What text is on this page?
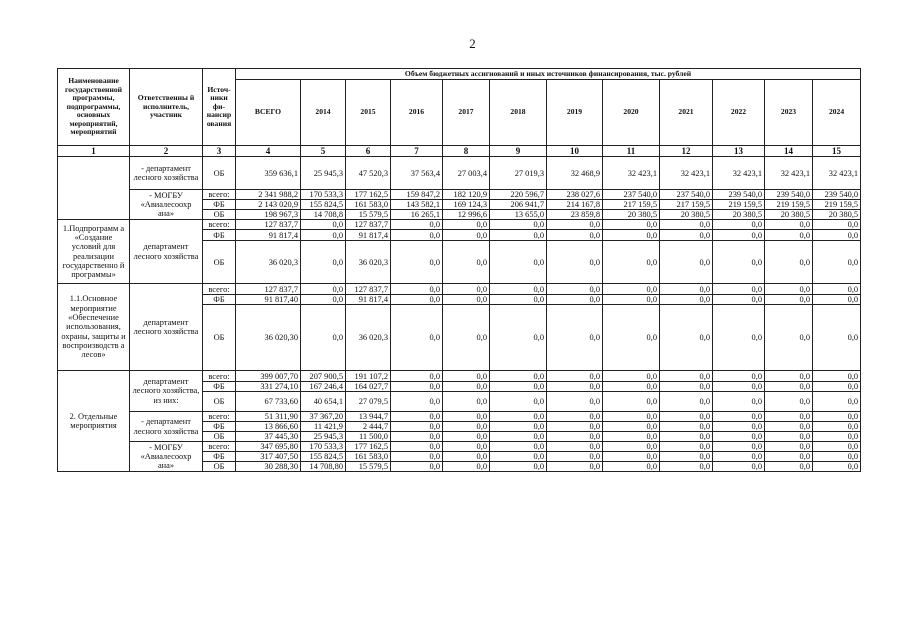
2
Наименование государственной программы, подпрограммы, основных мероприятий, мероприятий	Ответственны й исполнитель, участник	Источ-ники фи-нансир ования	Объем бюджетных ассигнований и иных источников финансирования, тыс. рублей											
			ВСЕГО	2014	2015	2016	2017	2018	2019	2020	2021	2022	2023	2024
1	2	3	4	5	6	7	8	9	10	11	12	13	14	15
	- департамент лесного хозяйства	ОБ	359 636,1	25 945,3	47 520,3	37 563,4	27 003,4	27 019,3	32 468,9	32 423,1	32 423,1	32 423,1	32 423,1	32 423,1
	- МОГБУ «Авиалесоохр ана»	всего:	2 341 988,2	170 533,3	177 162,5	159 847,2	182 120,9	220 596,7	238 027,6	237 540,0	237 540,0	239 540,0	239 540,0	239 540,0
		ФБ	2 143 020,9	155 824,5	161 583,0	143 582,1	169 124,3	206 941,7	214 167,8	217 159,5	217 159,5	219 159,5	219 159,5	219 159,5
		ОБ	198 967,3	14 708,8	15 579,5	16 265,1	12 996,6	13 655,0	23 859,8	20 380,5	20 380,5	20 380,5	20 380,5	20 380,5
1.Подпрограмм а «Создание условий для реализации государственно й программы»	департамент лесного хозяйства	всего:	127 837,7	0,0	127 837,7	0,0	0,0	0,0	0,0	0,0	0,0	0,0	0,0	0,0
		ФБ	91 817,4	0,0	91 817,4	0,0	0,0	0,0	0,0	0,0	0,0	0,0	0,0	0,0
		ОБ	36 020,3	0,0	36 020,3	0,0	0,0	0,0	0,0	0,0	0,0	0,0	0,0	0,0
1.1.Основное мероприятие «Обеспечение использования, охраны, защиты и воспроизводств а лесов»	департамент лесного хозяйства	всего:	127 837,7	0,0	127 837,7	0,0	0,0	0,0	0,0	0,0	0,0	0,0	0,0	0,0
		ФБ	91 817,40	0,0	91 817,4	0,0	0,0	0,0	0,0	0,0	0,0	0,0	0,0	0,0
		ОБ	36 020,30	0,0	36 020,3	0,0	0,0	0,0	0,0	0,0	0,0	0,0	0,0	0,0
2. Отдельные мероприятия	департамент лесного хозяйства, из них:	всего:	399 007,70	207 900,5	191 107,2	0,0	0,0	0,0	0,0	0,0	0,0	0,0	0,0	0,0
		ФБ	331 274,10	167 246,4	164 027,7	0,0	0,0	0,0	0,0	0,0	0,0	0,0	0,0	0,0
		ОБ	67 733,60	40 654,1	27 079,5	0,0	0,0	0,0	0,0	0,0	0,0	0,0	0,0	0,0
	- департамент лесного хозяйства	всего:	51 311,90	37 367,20	13 944,7	0,0	0,0	0,0	0,0	0,0	0,0	0,0	0,0	0,0
		ФБ	13 866,60	11 421,9	2 444,7	0,0	0,0	0,0	0,0	0,0	0,0	0,0	0,0	0,0
		ОБ	37 445,30	25 945,3	11 500,0	0,0	0,0	0,0	0,0	0,0	0,0	0,0	0,0	0,0
	- МОГБУ «Авиалесоохр ана»	всего:	347 695,80	170 533,3	177 162,5	0,0	0,0	0,0	0,0	0,0	0,0	0,0	0,0	0,0
		ФБ	317 407,50	155 824,5	161 583,0	0,0	0,0	0,0	0,0	0,0	0,0	0,0	0,0	0,0
		ОБ	30 288,30	14 708,80	15 579,5	0,0	0,0	0,0	0,0	0,0	0,0	0,0	0,0	0,0
